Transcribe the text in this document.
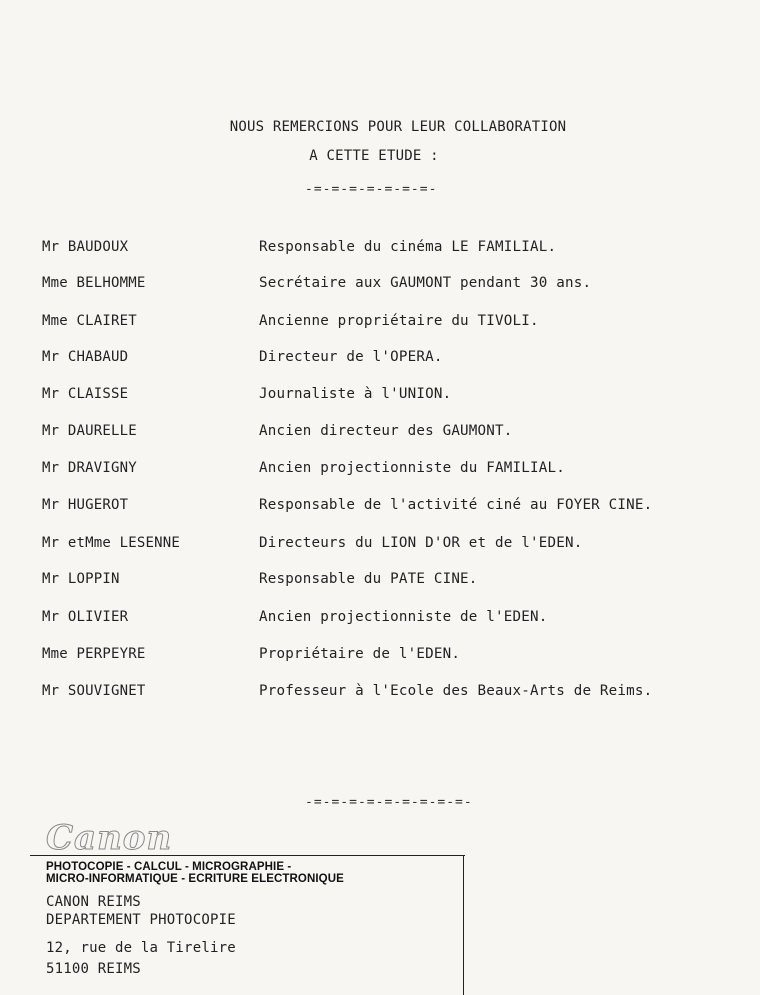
NOUS REMERCIONS POUR LEUR COLLABORATION
A CETTE ETUDE :
-=-=-=-=-=-=-=-
Mr BAUDOUX	Responsable du cinéma LE FAMILIAL.
Mme BELHOMME	Secrétaire aux GAUMONT pendant 30 ans.
Mme CLAIRET	Ancienne propriétaire du TIVOLI.
Mr CHABAUD	Directeur de l'OPERA.
Mr CLAISSE	Journaliste à l'UNION.
Mr DAURELLE	Ancien directeur des GAUMONT.
Mr DRAVIGNY	Ancien projectionniste du FAMILIAL.
Mr HUGEROT	Responsable de l'activité ciné au FOYER CINE.
Mr etMme LESENNE	Directeurs du LION D'OR et de l'EDEN.
Mr LOPPIN	Responsable du PATE CINE.
Mr OLIVIER	Ancien projectionniste de l'EDEN.
Mme PERPEYRE	Propriétaire de l'EDEN.
Mr SOUVIGNET	Professeur à l'Ecole des Beaux-Arts de Reims.
-=-=-=-=-=-=-=-=-=-
Canon
PHOTOCOPIE - CALCUL - MICROGRAPHIE -
MICRO-INFORMATIQUE - ECRITURE ELECTRONIQUE
CANON REIMS
DEPARTEMENT PHOTOCOPIE
12, rue de la Tirelire
51100 REIMS
